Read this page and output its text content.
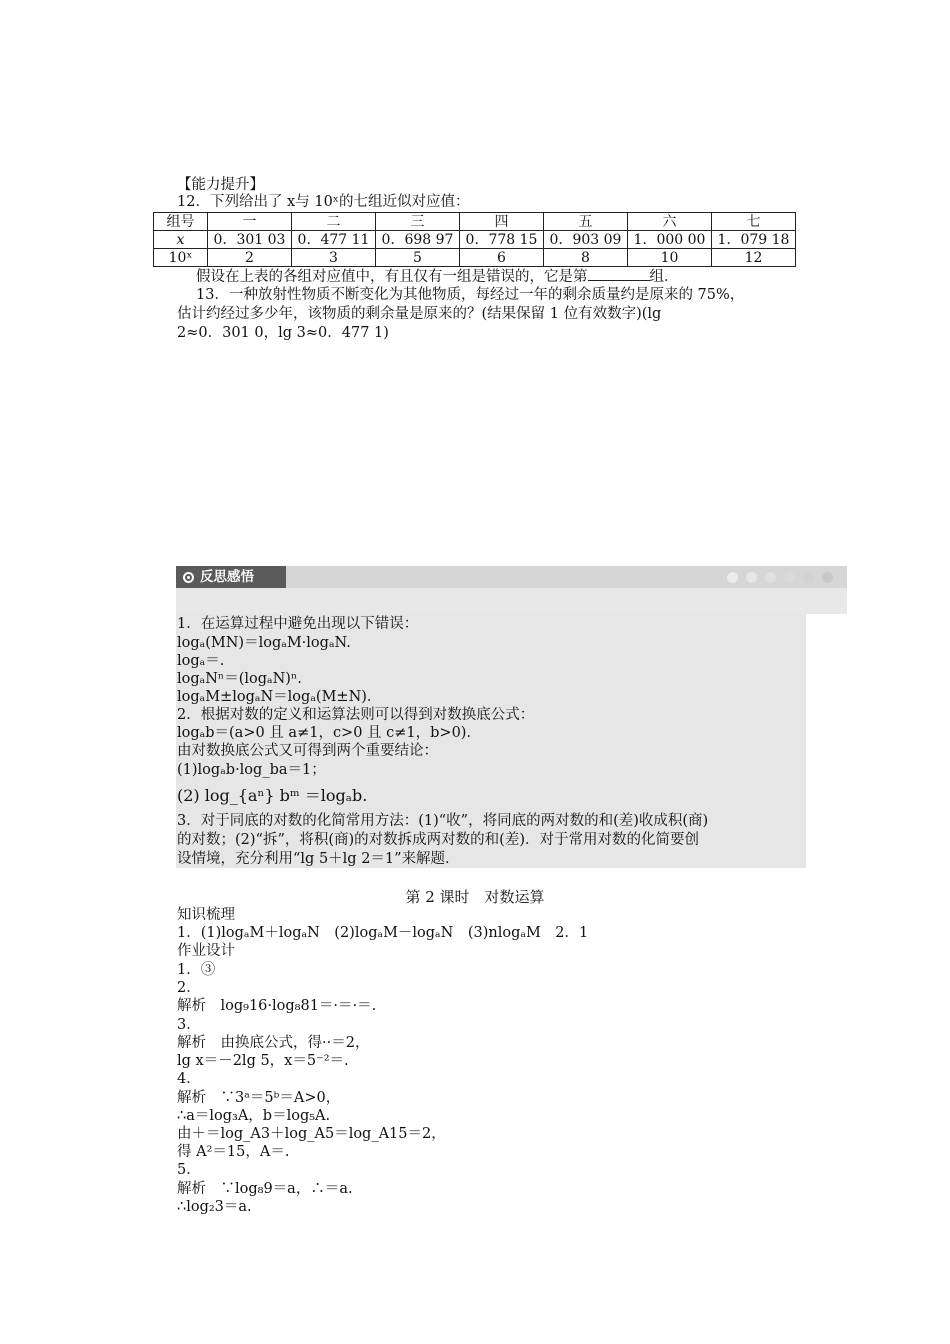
【能力提升】
12．下列给出了 x与 10ˣ的七组近似对应值：
组号	一	二	三	四	五	六	七
x	0．301 03	0．477 11	0．698 97	0．778 15	0．903 09	1．000 00	1．079 18
10ˣ	2	3	5	6	8	10	12
假设在上表的各组对应值中，有且仅有一组是错误的，它是第	组．
13．一种放射性物质不断变化为其他物质，每经过一年的剩余质量约是原来的 75%，
估计约经过多少年，该物质的剩余量是原来的？(结果保留 1 位有效数字)(lg
2≈0．301 0，lg 3≈0．477 1)
反思感悟
1．在运算过程中避免出现以下错误：
logₐ(MN)＝logₐM·logₐN.
logₐ＝.
logₐNⁿ＝(logₐN)ⁿ.
logₐM±logₐN＝logₐ(M±N)．
2．根据对数的定义和运算法则可以得到对数换底公式：
logₐb＝(a>0 且 a≠1，c>0 且 c≠1，b>0)．
由对数换底公式又可得到两个重要结论：
(1)logₐb·log_ba＝1；
(2) log_{aⁿ} bᵐ ＝logₐb.
3．对于同底的对数的化简常用方法：(1)“收”，将同底的两对数的和(差)收成积(商)
的对数；(2)“拆”，将积(商)的对数拆成两对数的和(差)．对于常用对数的化简要创
设情境，充分利用“lg 5＋lg 2＝1”来解题．
第 2 课时　对数运算
知识梳理
1．(1)logₐM＋logₐN　(2)logₐM－logₐN　(3)nlogₐM　2．1
作业设计
1．③
2．
解析　log₉16·log₈81＝·＝·＝.
3．
解析　由换底公式，得··＝2，
lg x＝－2lg 5，x＝5⁻²＝.
4．
解析　∵3ᵃ＝5ᵇ＝A>0，
∴a＝log₃A，b＝log₅A.
由＋＝log_A3＋log_A5＝log_A15＝2，
得 A²＝15，A＝.
5．
解析　∵log₈9＝a，∴＝a.
∴log₂3＝a.
